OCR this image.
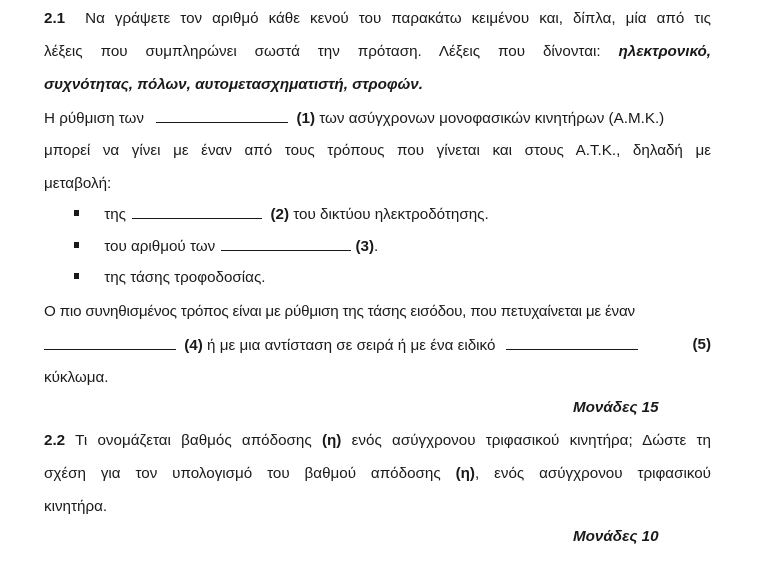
2.1 Να γράψετε τον αριθμό κάθε κενού του παρακάτω κειμένου και, δίπλα, μία από τις
λέξεις που συμπληρώνει σωστά την πρόταση. Λέξεις που δίνονται: ηλεκτρονικό,
συχνότητας, πόλων, αυτομετασχηματιστή, στροφών.
Η ρύθμιση των	(1) των ασύγχρονων μονοφασικών κινητήρων (Α.Μ.Κ.)
μπορεί να γίνει με έναν από τους τρόπους που γίνεται και στους Α.Τ.Κ., δηλαδή με
μεταβολή:
της	(2) του δικτύου ηλεκτροδότησης.
του αριθμού των	(3).
της τάσης τροφοδοσίας.
Ο πιο συνηθισμένος τρόπος είναι με ρύθμιση της τάσης εισόδου, που πετυχαίνεται με έναν
(4) ή με μια αντίσταση σε σειρά ή με ένα ειδικό	(5)
κύκλωμα.
Μονάδες 15
2.2 Τι ονομάζεται βαθμός απόδοσης (η) ενός ασύγχρονου τριφασικού κινητήρα; Δώστε τη
σχέση για τον υπολογισμό του βαθμού απόδοσης (η), ενός ασύγχρονου τριφασικού
κινητήρα.
Μονάδες 10
